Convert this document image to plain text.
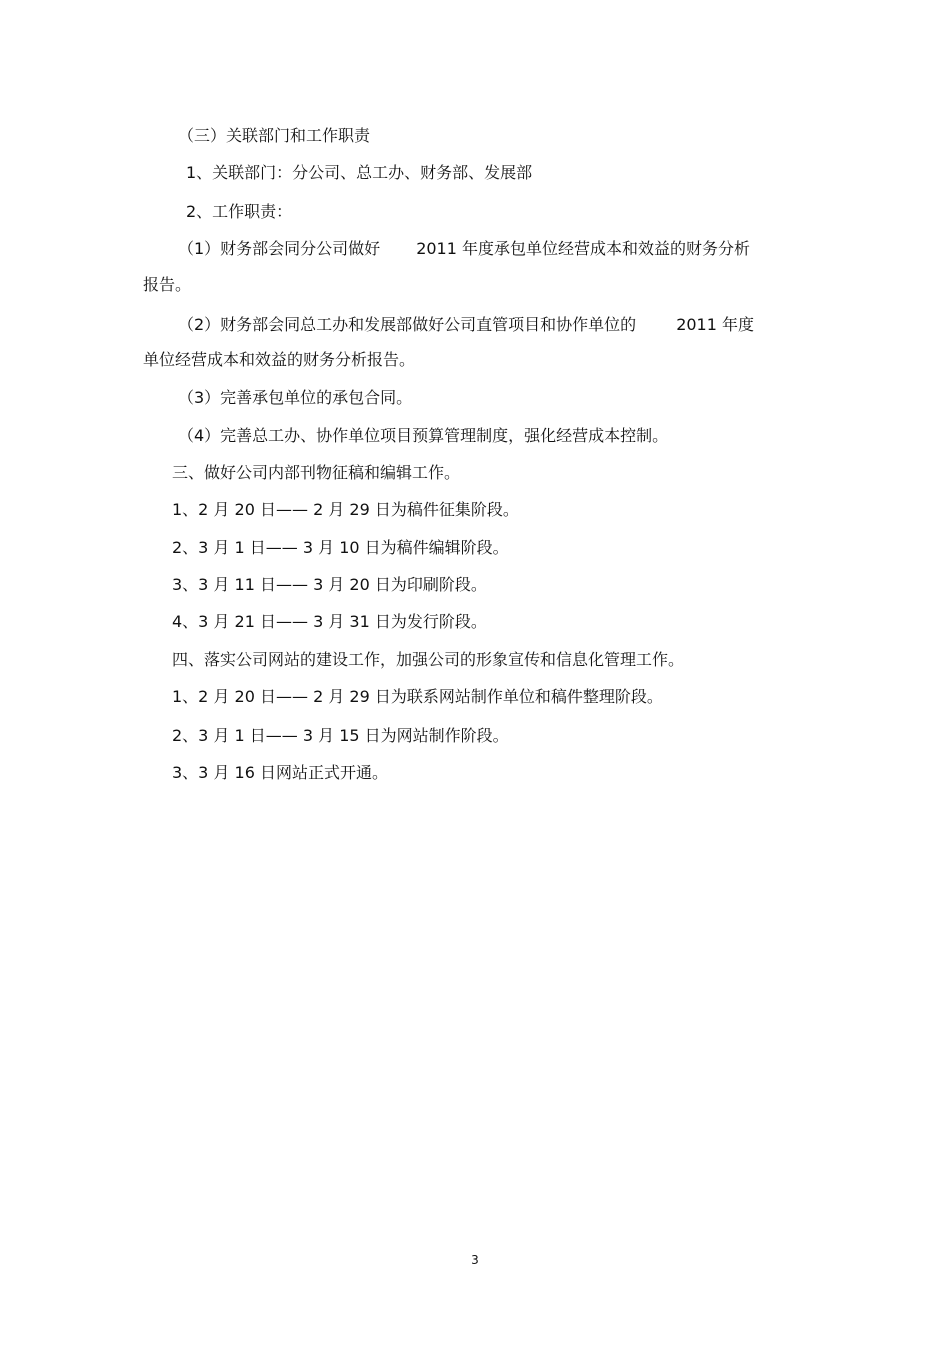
（三）关联部门和工作职责
1、关联部门：分公司、总工办、财务部、发展部
2、工作职责：
（1）财务部会同分公司做好 2011 年度承包单位经营成本和效益的财务分析
报告。
（2）财务部会同总工办和发展部做好公司直管项目和协作单位的	2011 年度
单位经营成本和效益的财务分析报告。
（3）完善承包单位的承包合同。
（4）完善总工办、协作单位项目预算管理制度，强化经营成本控制。
三、做好公司内部刊物征稿和编辑工作。
1、2 月 20 日—— 2 月 29 日为稿件征集阶段。
2、3 月 1 日—— 3 月 10 日为稿件编辑阶段。
3、3 月 11 日—— 3 月 20 日为印刷阶段。
4、3 月 21 日—— 3 月 31 日为发行阶段。
四、落实公司网站的建设工作，加强公司的形象宣传和信息化管理工作。
1、2 月 20 日—— 2 月 29 日为联系网站制作单位和稿件整理阶段。
2、3 月 1 日—— 3 月 15 日为网站制作阶段。
3、3 月 16 日网站正式开通。
3
